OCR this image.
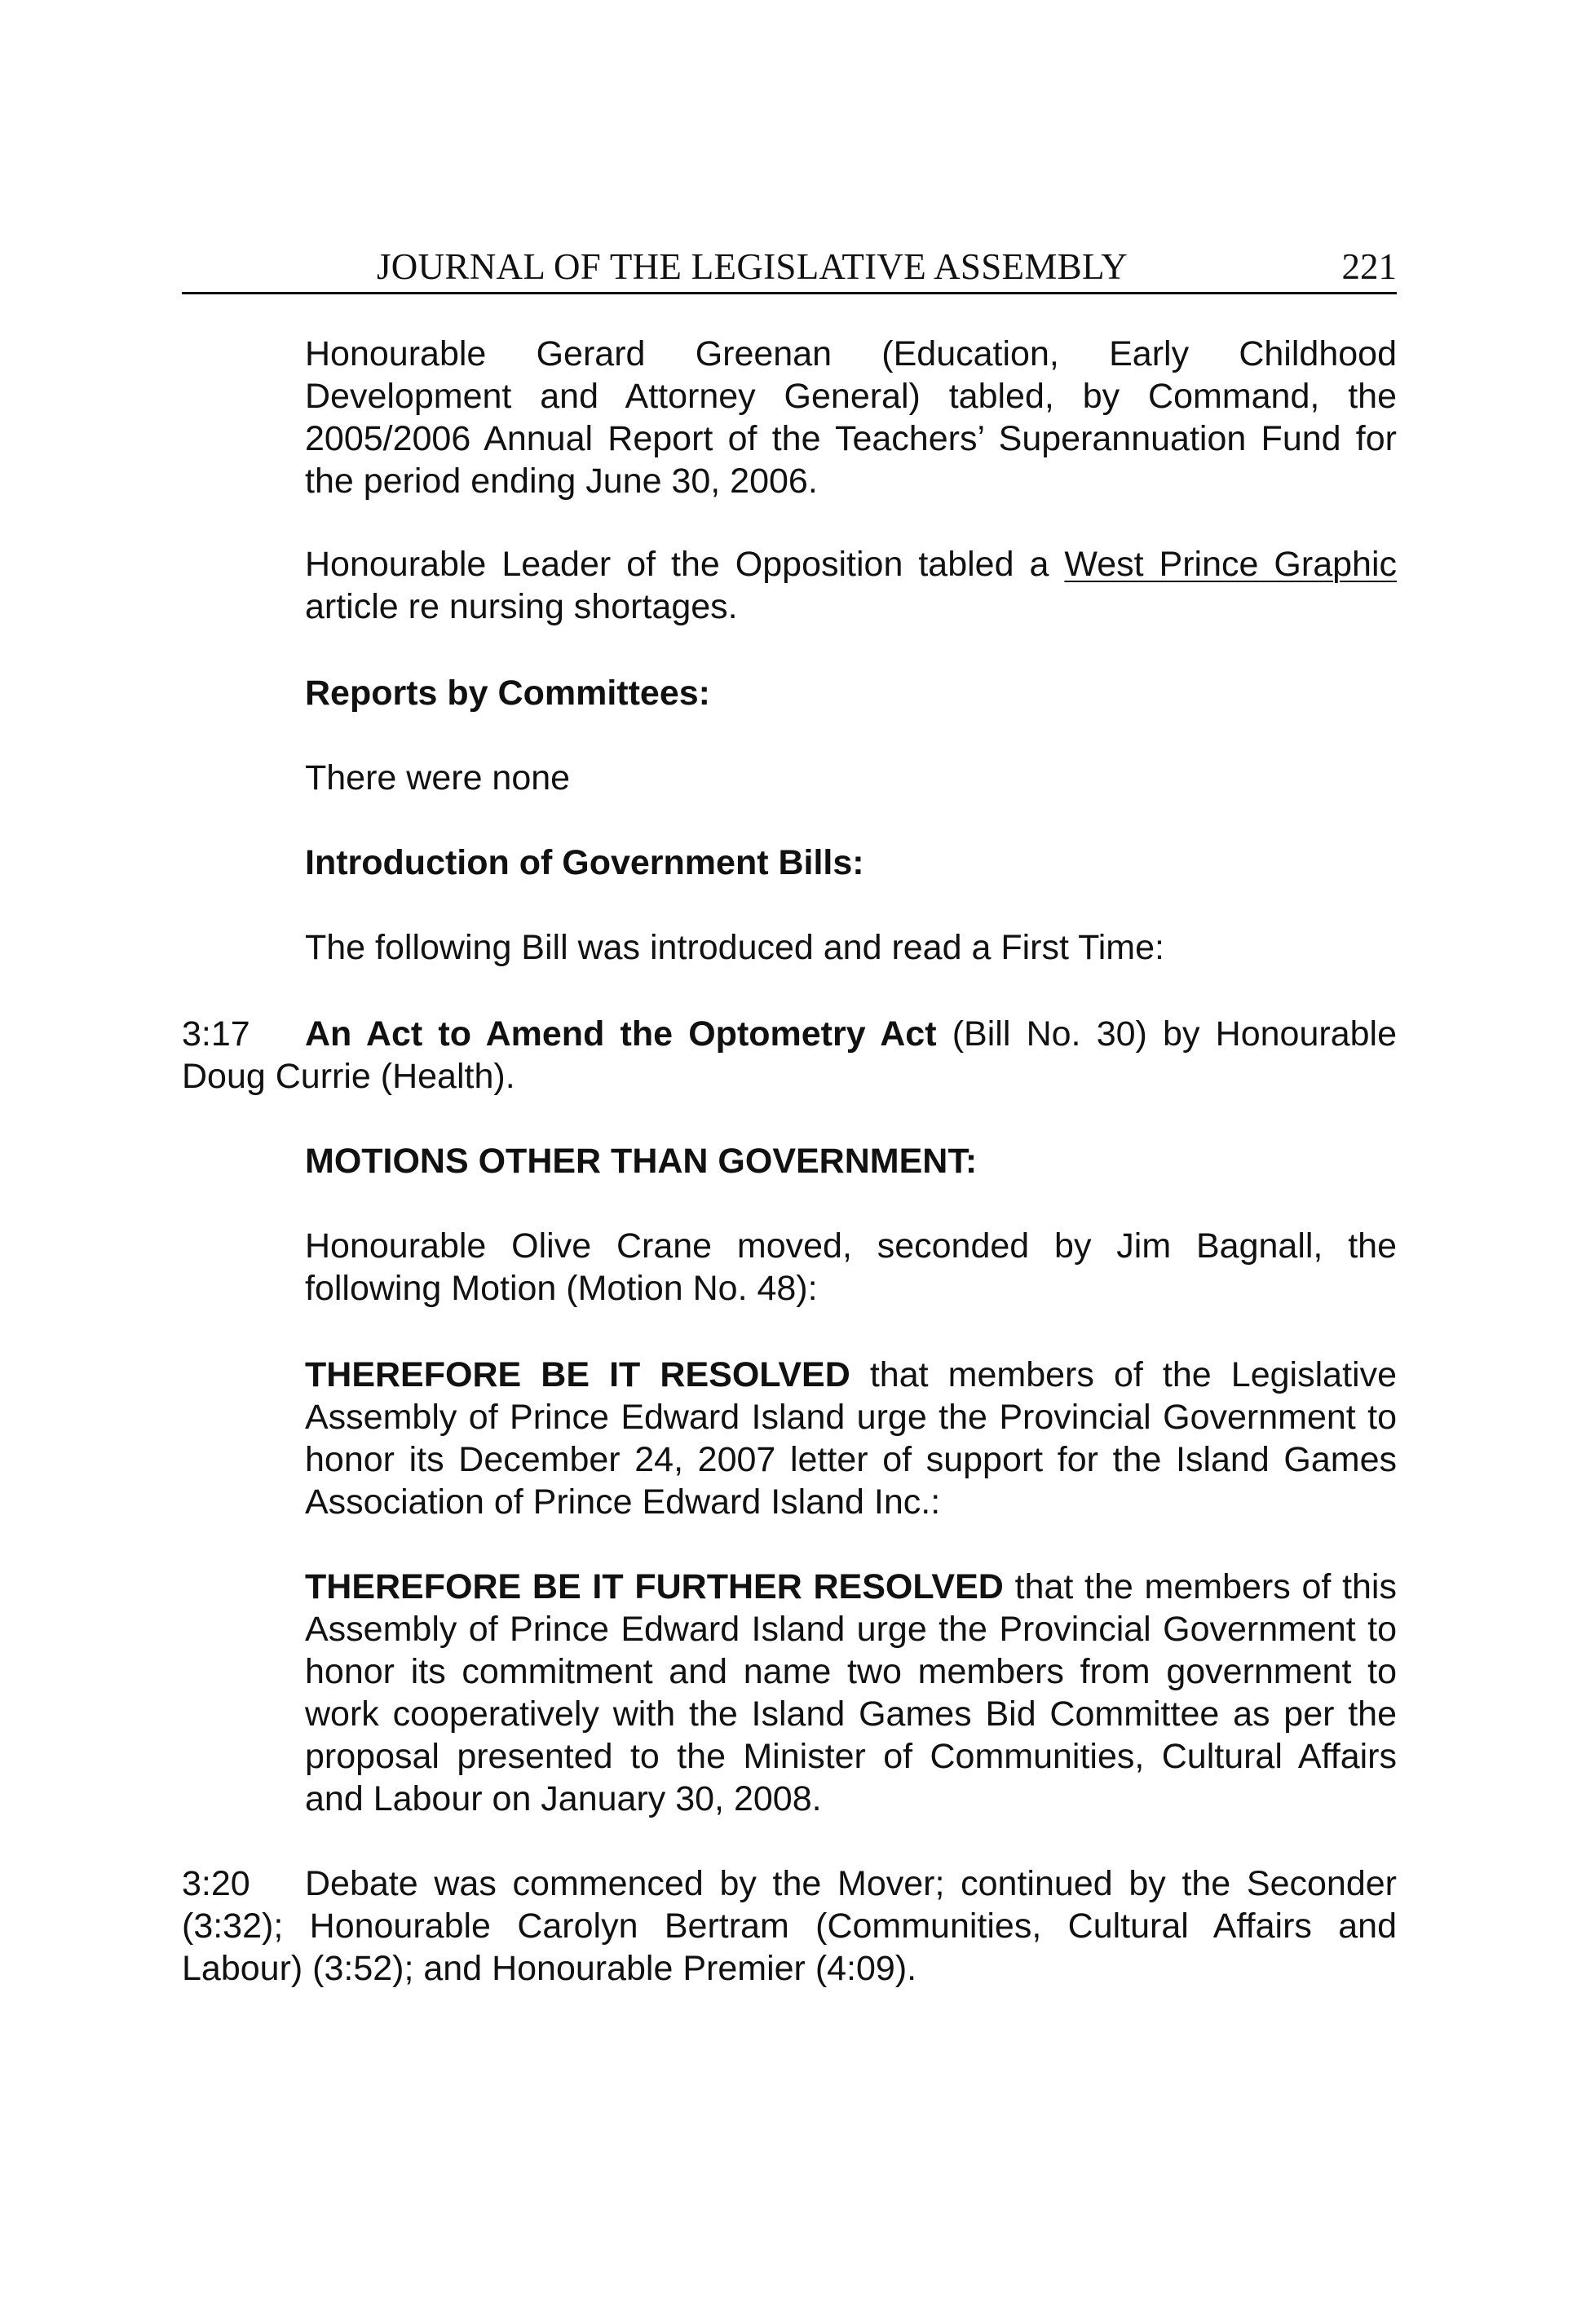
JOURNAL OF THE LEGISLATIVE ASSEMBLY	221

Honourable Gerard Greenan (Education, Early Childhood Development and Attorney General) tabled, by Command, the 2005/2006 Annual Report of the Teachers’ Superannuation Fund for the period ending June 30, 2006.

Honourable Leader of the Opposition tabled a West Prince Graphic article re nursing shortages.

Reports by Committees:

There were none

Introduction of Government Bills:

The following Bill was introduced and read a First Time:

3:17 An Act to Amend the Optometry Act (Bill No. 30) by Honourable Doug Currie (Health).

MOTIONS OTHER THAN GOVERNMENT:

Honourable Olive Crane moved, seconded by Jim Bagnall, the following Motion (Motion No. 48):

THEREFORE BE IT RESOLVED that members of the Legislative Assembly of Prince Edward Island urge the Provincial Government to honor its December 24, 2007 letter of support for the Island Games Association of Prince Edward Island Inc.:

THEREFORE BE IT FURTHER RESOLVED that the members of this Assembly of Prince Edward Island urge the Provincial Government to honor its commitment and name two members from government to work cooperatively with the Island Games Bid Committee as per the proposal presented to the Minister of Communities, Cultural Affairs and Labour on January 30, 2008.

3:20 Debate was commenced by the Mover; continued by the Seconder (3:32); Honourable Carolyn Bertram (Communities, Cultural Affairs and Labour) (3:52); and Honourable Premier (4:09).
